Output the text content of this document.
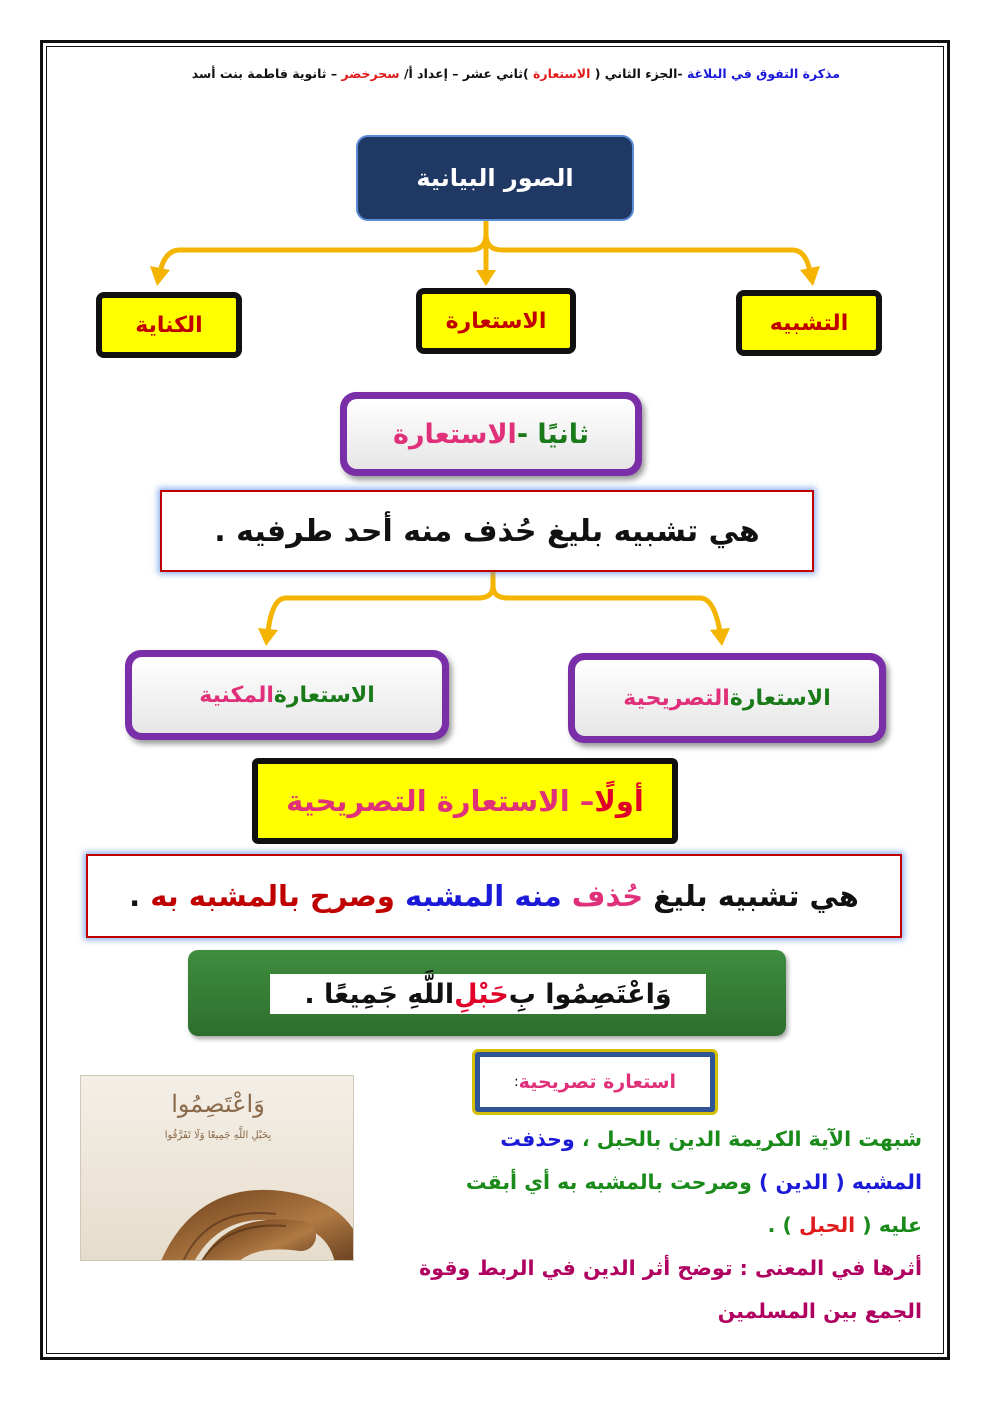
مذكرة التفوق في البلاغة -الجزء الثاني ( الاستعارة )ثاني عشر – إعداد أ/ سحرخضر – ثانوية فاطمة بنت أسد
الصور البيانية
التشبيه
الاستعارة
الكناية
ثانيًا -
الاستعارة
هي تشبيه بليغ حُذف منه أحد طرفيه .
الاستعارة
التصريحية
الاستعارة
المكنية
أولًا
– الاستعارة التصريحية
هي تشبيه بليغ حُذف منه المشبه وصرح بالمشبه به .
وَاعْتَصِمُوا بِ
حَبْلِ
اللَّهِ جَمِيعًا .
استعارة تصريحية
:
وَاعْتَصِمُوا
بِحَبْلِ اللَّهِ جَمِيعًا وَلَا تَفَرَّقُوا	شبهت الآية الكريمة الدين بالحبل ، وحذفت

المشبه ( الدين ) وصرحت بالمشبه به أي أبقت

عليه ( الحبل ) .

أثرها في المعنى : توضح أثر الدين في الربط وقوة

الجمع بين المسلمين
